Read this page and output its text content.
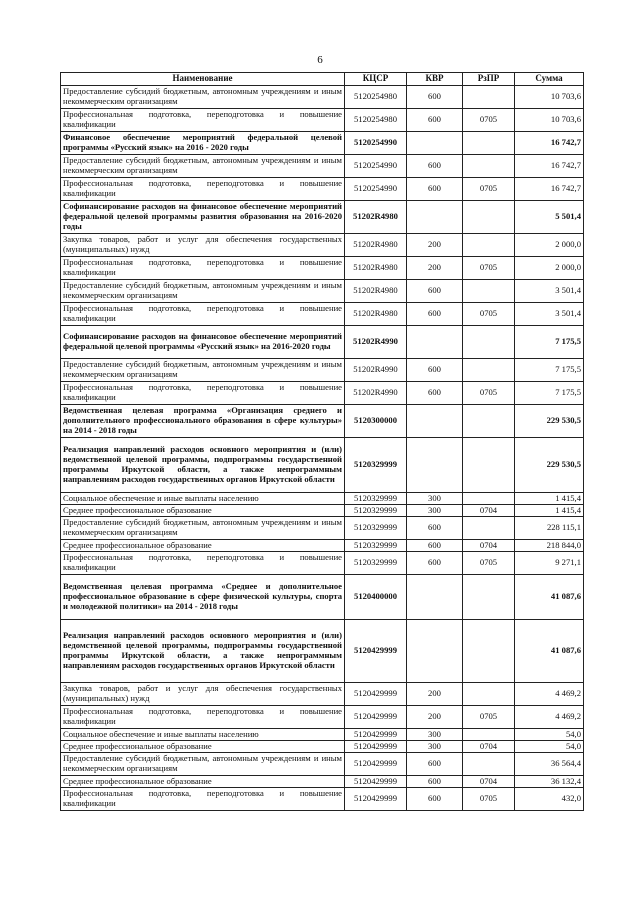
6
Наименование	КЦСР	КВР	РзПР	Сумма
Предоставление субсидий бюджетным, автономным учреждениям и иным некоммерческим организациям	5120254980	600		10 703,6
Профессиональная подготовка, переподготовка и повышение квалификации	5120254980	600	0705	10 703,6
Финансовое обеспечение мероприятий федеральной целевой программы «Русский язык» на 2016 - 2020 годы	5120254990			16 742,7
Предоставление субсидий бюджетным, автономным учреждениям и иным некоммерческим организациям	5120254990	600		16 742,7
Профессиональная подготовка, переподготовка и повышение квалификации	5120254990	600	0705	16 742,7
Софинансирование расходов на финансовое обеспечение мероприятий федеральной целевой программы развития образования на 2016-2020 годы	51202R4980			5 501,4
Закупка товаров, работ и услуг для обеспечения государственных (муниципальных) нужд	51202R4980	200		2 000,0
Профессиональная подготовка, переподготовка и повышение квалификации	51202R4980	200	0705	2 000,0
Предоставление субсидий бюджетным, автономным учреждениям и иным некоммерческим организациям	51202R4980	600		3 501,4
Профессиональная подготовка, переподготовка и повышение квалификации	51202R4980	600	0705	3 501,4
Софинансирование расходов на финансовое обеспечение мероприятий федеральной целевой программы «Русский язык» на 2016-2020 годы	51202R4990			7 175,5
Предоставление субсидий бюджетным, автономным учреждениям и иным некоммерческим организациям	51202R4990	600		7 175,5
Профессиональная подготовка, переподготовка и повышение квалификации	51202R4990	600	0705	7 175,5
Ведомственная целевая программа «Организация среднего и дополнительного профессионального образования в сфере культуры» на 2014 - 2018 годы	5120300000			229 530,5
Реализация направлений расходов основного мероприятия и (или) ведомственной целевой программы, подпрограммы государственной программы Иркутской области, а также непрограммным направлениям расходов государственных органов Иркутской области	5120329999			229 530,5
Социальное обеспечение и иные выплаты населению	5120329999	300		1 415,4
Среднее профессиональное образование	5120329999	300	0704	1 415,4
Предоставление субсидий бюджетным, автономным учреждениям и иным некоммерческим организациям	5120329999	600		228 115,1
Среднее профессиональное образование	5120329999	600	0704	218 844,0
Профессиональная подготовка, переподготовка и повышение квалификации	5120329999	600	0705	9 271,1
Ведомственная целевая программа «Среднее и дополнительное профессиональное образование в сфере физической культуры, спорта и молодежной политики» на 2014 - 2018 годы	5120400000			41 087,6
Реализация направлений расходов основного мероприятия и (или) ведомственной целевой программы, подпрограммы государственной программы Иркутской области, а также непрограммным направлениям расходов государственных органов Иркутской области	5120429999			41 087,6
Закупка товаров, работ и услуг для обеспечения государственных (муниципальных) нужд	5120429999	200		4 469,2
Профессиональная подготовка, переподготовка и повышение квалификации	5120429999	200	0705	4 469,2
Социальное обеспечение и иные выплаты населению	5120429999	300		54,0
Среднее профессиональное образование	5120429999	300	0704	54,0
Предоставление субсидий бюджетным, автономным учреждениям и иным некоммерческим организациям	5120429999	600		36 564,4
Среднее профессиональное образование	5120429999	600	0704	36 132,4
Профессиональная подготовка, переподготовка и повышение квалификации	5120429999	600	0705	432,0
